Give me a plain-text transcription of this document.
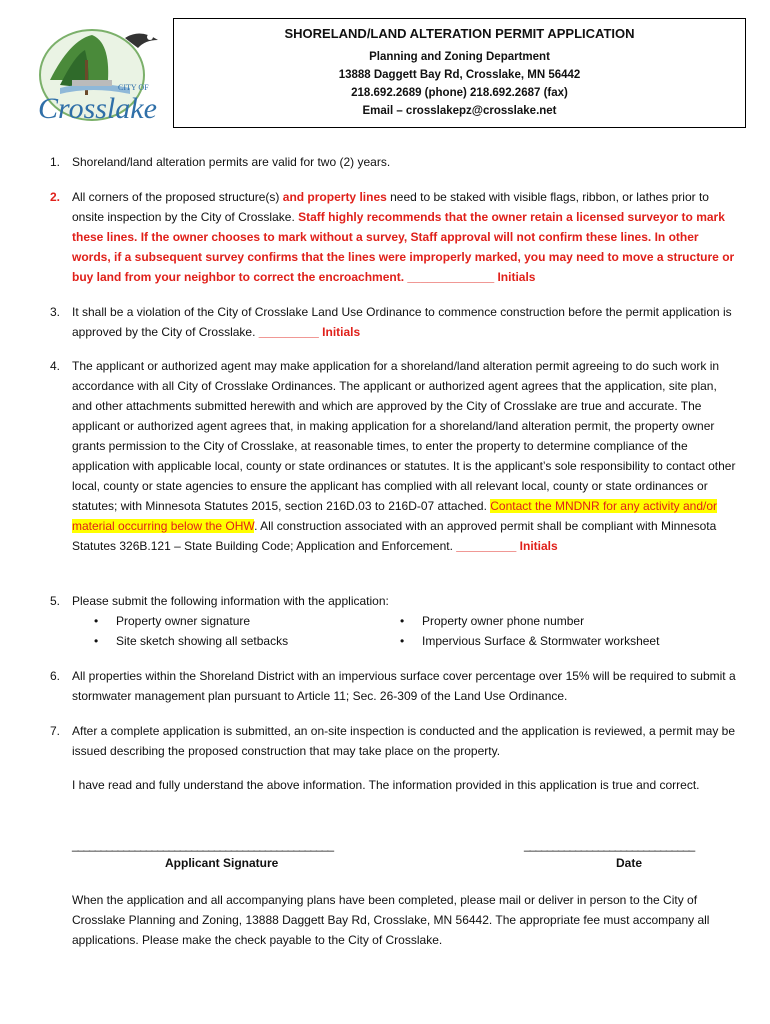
CITY OF
Crosslake
SHORELAND/LAND ALTERATION PERMIT APPLICATION
Planning and Zoning Department
13888 Daggett Bay Rd, Crosslake, MN 56442
218.692.2689 (phone) 218.692.2687 (fax)
Email – crosslakepz@crosslake.net
1. Shoreland/land alteration permits are valid for two (2) years.
2. All corners of the proposed structure(s) and property lines need to be staked with visible flags, ribbon, or lathes prior to onsite inspection by the City of Crosslake. Staff highly recommends that the owner retain a licensed surveyor to mark these lines. If the owner chooses to mark without a survey, Staff approval will not confirm these lines. In other words, if a subsequent survey confirms that the lines were improperly marked, you may need to move a structure or buy land from your neighbor to correct the encroachment. _____________ Initials
3. It shall be a violation of the City of Crosslake Land Use Ordinance to commence construction before the permit application is approved by the City of Crosslake. _________ Initials
4. The applicant or authorized agent may make application for a shoreland/land alteration permit agreeing to do such work in accordance with all City of Crosslake Ordinances. The applicant or authorized agent agrees that the application, site plan, and other attachments submitted herewith and which are approved by the City of Crosslake are true and accurate. The applicant or authorized agent agrees that, in making application for a shoreland/land alteration permit, the property owner grants permission to the City of Crosslake, at reasonable times, to enter the property to determine compliance of the application with applicable local, county or state ordinances or statutes. It is the applicant’s sole responsibility to contact other local, county or state agencies to ensure the applicant has complied with all relevant local, county or state ordinances or statutes; with Minnesota Statutes 2015, section 216D.03 to 216D-07 attached. Contact the MNDNR for any activity and/or material occurring below the OHW. All construction associated with an approved permit shall be compliant with Minnesota Statutes 326B.121 – State Building Code; Application and Enforcement. _________ Initials
5. Please submit the following information with the application:
• Property owner signature
• Site sketch showing all setbacks
• Property owner phone number
• Impervious Surface & Stormwater worksheet
6. All properties within the Shoreland District with an impervious surface cover percentage over 15% will be required to submit a stormwater management plan pursuant to Article 11; Sec. 26-309 of the Land Use Ordinance.
7. After a complete application is submitted, an on-site inspection is conducted and the application is reviewed, a permit may be issued describing the proposed construction that may take place on the property.
I have read and fully understand the above information. The information provided in this application is true and correct.
______________________________________________	______________________________
Applicant Signature	Date
When the application and all accompanying plans have been completed, please mail or deliver in person to the City of Crosslake Planning and Zoning, 13888 Daggett Bay Rd, Crosslake, MN 56442. The appropriate fee must accompany all applications. Please make the check payable to the City of Crosslake.
